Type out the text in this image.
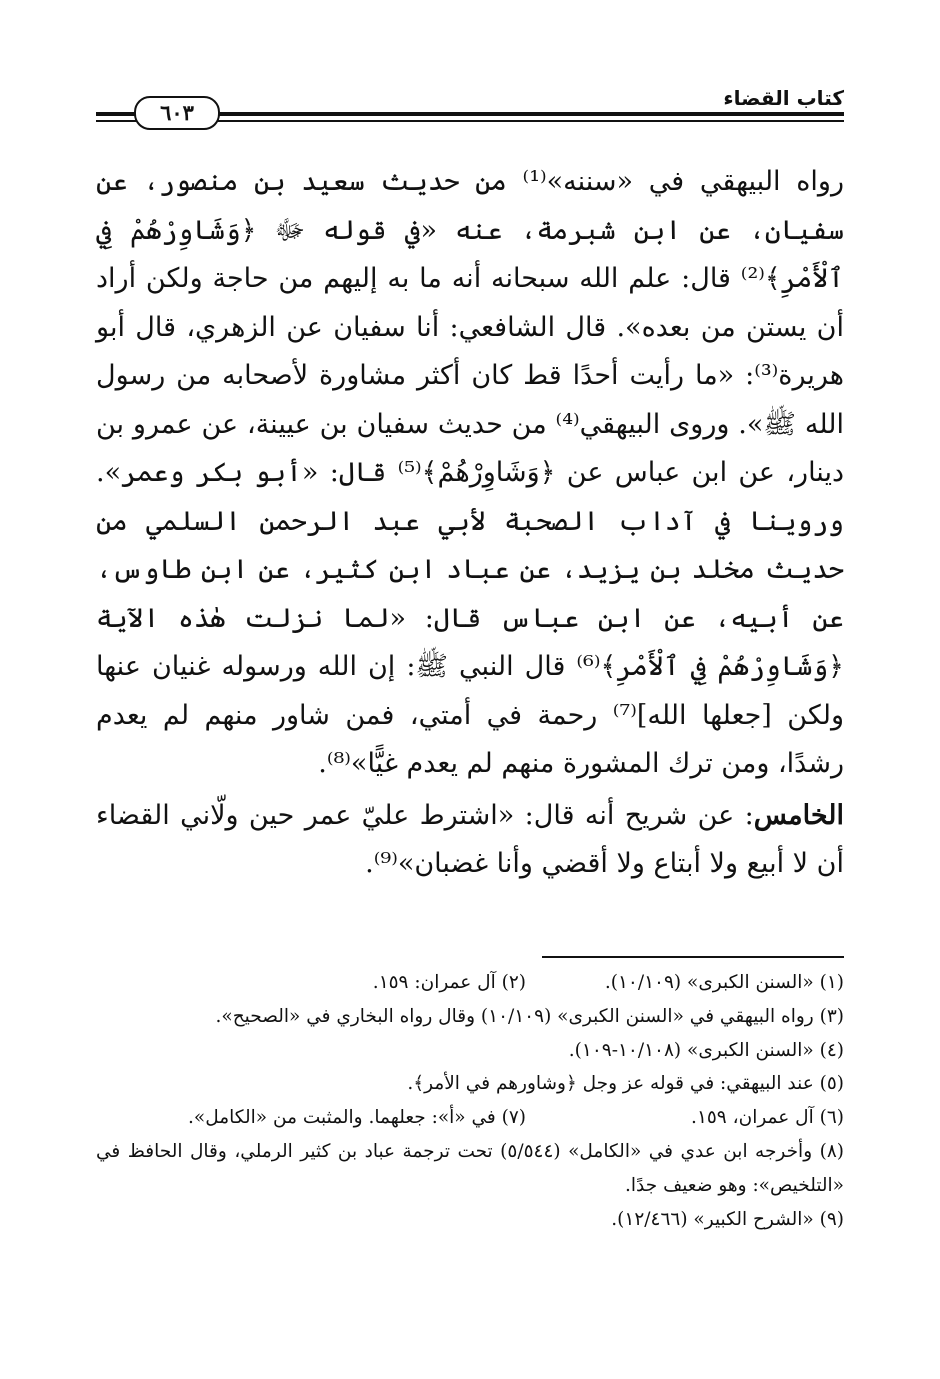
كتاب القضاء
٦٠٣

رواه البيهقي في «سننه»⁽¹⁾ من حديث سعيد بن منصور، عن سفيان، عن ابن شبرمة، عنه «في قوله ﷻ ﴿وَشَاوِرْهُمْ فِي ٱلْأَمْرِ﴾⁽²⁾ قال: علم الله سبحانه أنه ما به إليهم من حاجة ولكن أراد أن يستن من بعده». قال الشافعي: أنا سفيان عن الزهري، قال أبو هريرة⁽³⁾: «ما رأيت أحدًا قط كان أكثر مشاورة لأصحابه من رسول الله ﷺ». وروى البيهقي⁽⁴⁾ من حديث سفيان بن عيينة، عن عمرو بن دينار، عن ابن عباس عن ﴿وَشَاوِرْهُمْ﴾⁽⁵⁾ قال: «أبو بكر وعمر». وروينا في آداب الصحبة لأبي عبد الرحمن السلمي من حديث مخلد بن يزيد، عن عباد ابن كثير، عن ابن طاوس، عن أبيه، عن ابن عباس قال: «لما نزلت هٰذه الآية ﴿وَشَاوِرْهُمْ فِي ٱلْأَمْرِ﴾⁽⁶⁾ قال النبي ﷺ: إن الله ورسوله غنيان عنها ولكن [جعلها الله]⁽⁷⁾ رحمة في أمتي، فمن شاور منهم لم يعدم رشدًا، ومن ترك المشورة منهم لم يعدم غيًّا»⁽⁸⁾.

الخامس: عن شريح أنه قال: «اشترط عليّ عمر حين ولّاني القضاء أن لا أبيع ولا أبتاع ولا أقضي وأنا غضبان»⁽⁹⁾.

(١) «السنن الكبرى» (١٠/١٠٩).
(٢) آل عمران: ١٥٩.
(٣) رواه البيهقي في «السنن الكبرى» (١٠/١٠٩) وقال رواه البخاري في «الصحيح».
(٤) «السنن الكبرى» (١٠/١٠٨-١٠٩).
(٥) عند البيهقي: في قوله عز وجل ﴿وشاورهم في الأمر﴾.
(٦) آل عمران، ١٥٩.
(٧) في «أ»: جعلهما. والمثبت من «الكامل».
(٨) وأخرجه ابن عدي في «الكامل» (٥/٥٤٤) تحت ترجمة عباد بن كثير الرملي، وقال الحافظ في «التلخيص»: وهو ضعيف جدًا.
(٩) «الشرح الكبير» (١٢/٤٦٦).
